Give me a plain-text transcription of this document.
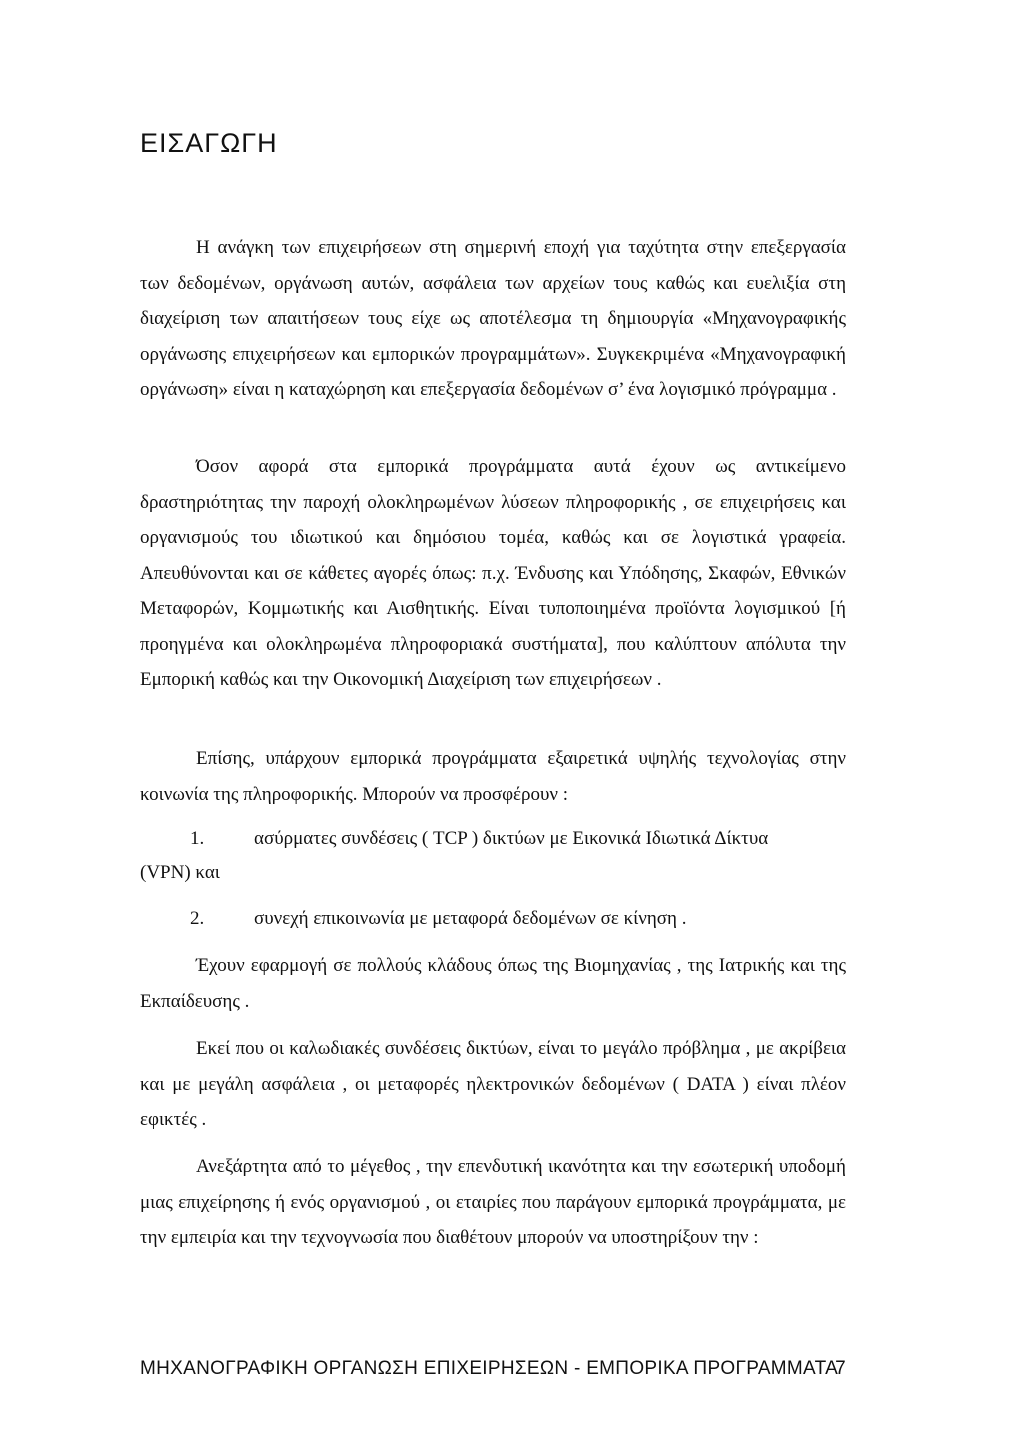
ΕΙΣΑΓΩΓΗ

Η ανάγκη των επιχειρήσεων στη σημερινή εποχή για ταχύτητα στην επεξεργασία των δεδομένων, οργάνωση αυτών, ασφάλεια των αρχείων τους καθώς και ευελιξία στη διαχείριση των απαιτήσεων τους είχε ως αποτέλεσμα τη δημιουργία «Μηχανογραφικής οργάνωσης επιχειρήσεων και εμπορικών προγραμμάτων». Συγκεκριμένα «Μηχανογραφική οργάνωση» είναι η καταχώρηση και επεξεργασία δεδομένων σ’ ένα λογισμικό πρόγραμμα .

Όσον αφορά στα εμπορικά προγράμματα αυτά έχουν ως αντικείμενο δραστηριότητας την παροχή ολοκληρωμένων λύσεων πληροφορικής , σε επιχειρήσεις και οργανισμούς του ιδιωτικού και δημόσιου τομέα, καθώς και σε λογιστικά γραφεία. Απευθύνονται και σε κάθετες αγορές όπως: π.χ. Ένδυσης και Υπόδησης, Σκαφών, Εθνικών Μεταφορών, Κομμωτικής και Αισθητικής. Είναι τυποποιημένα προϊόντα λογισμικού [ή προηγμένα και ολοκληρωμένα πληροφοριακά συστήματα], που καλύπτουν απόλυτα την Εμπορική καθώς και την Οικονομική Διαχείριση των επιχειρήσεων .

Επίσης, υπάρχουν εμπορικά προγράμματα εξαιρετικά υψηλής τεχνολογίας στην κοινωνία της πληροφορικής. Μπορούν να προσφέρουν :

1.	ασύρματες συνδέσεις ( TCP ) δικτύων με Εικονικά Ιδιωτικά Δίκτυα
(VPN) και
2.	συνεχή επικοινωνία με μεταφορά δεδομένων σε κίνηση .

Έχουν εφαρμογή σε πολλούς κλάδους όπως της Βιομηχανίας , της Ιατρικής και της Εκπαίδευσης .

Εκεί που οι καλωδιακές συνδέσεις δικτύων, είναι το μεγάλο πρόβλημα , με ακρίβεια και με μεγάλη ασφάλεια , οι μεταφορές ηλεκτρονικών δεδομένων ( DATA ) είναι πλέον εφικτές .

Ανεξάρτητα από το μέγεθος , την επενδυτική ικανότητα και την εσωτερική υποδομή μιας επιχείρησης ή ενός οργανισμού , οι εταιρίες που παράγουν εμπορικά προγράμματα, με την εμπειρία και την τεχνογνωσία που διαθέτουν μπορούν να υποστηρίξουν την :

ΜΗΧΑΝΟΓΡΑΦΙΚΗ ΟΡΓΑΝΩΣΗ ΕΠΙΧΕΙΡΗΣΕΩΝ - ΕΜΠΟΡΙΚΑ ΠΡΟΓΡΑΜΜΑΤΑ
7
